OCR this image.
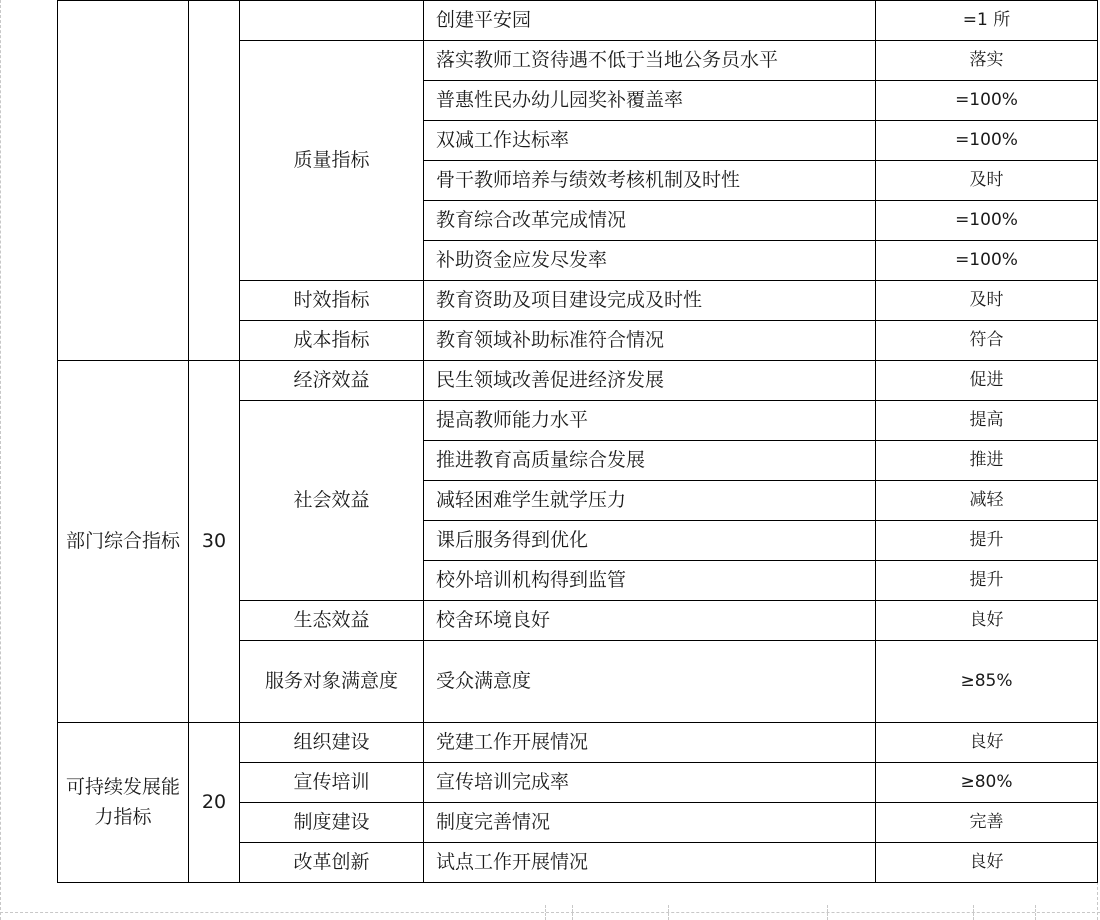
			创建平安园	=1 所
		质量指标	落实教师工资待遇不低于当地公务员水平	落实
			普惠性民办幼儿园奖补覆盖率	=100%
			双减工作达标率	=100%
			骨干教师培养与绩效考核机制及时性	及时
			教育综合改革完成情况	=100%
			补助资金应发尽发率	=100%
		时效指标	教育资助及项目建设完成及时性	及时
		成本指标	教育领域补助标准符合情况	符合
部门综合指标	30	经济效益	民生领域改善促进经济发展	促进
		社会效益	提高教师能力水平	提高
			推进教育高质量综合发展	推进
			减轻困难学生就学压力	减轻
			课后服务得到优化	提升
			校外培训机构得到监管	提升
		生态效益	校舍环境良好	良好
		服务对象满意度	受众满意度	≥85%
可持续发展能力指标	20	组织建设	党建工作开展情况	良好
		宣传培训	宣传培训完成率	≥80%
		制度建设	制度完善情况	完善
		改革创新	试点工作开展情况	良好
